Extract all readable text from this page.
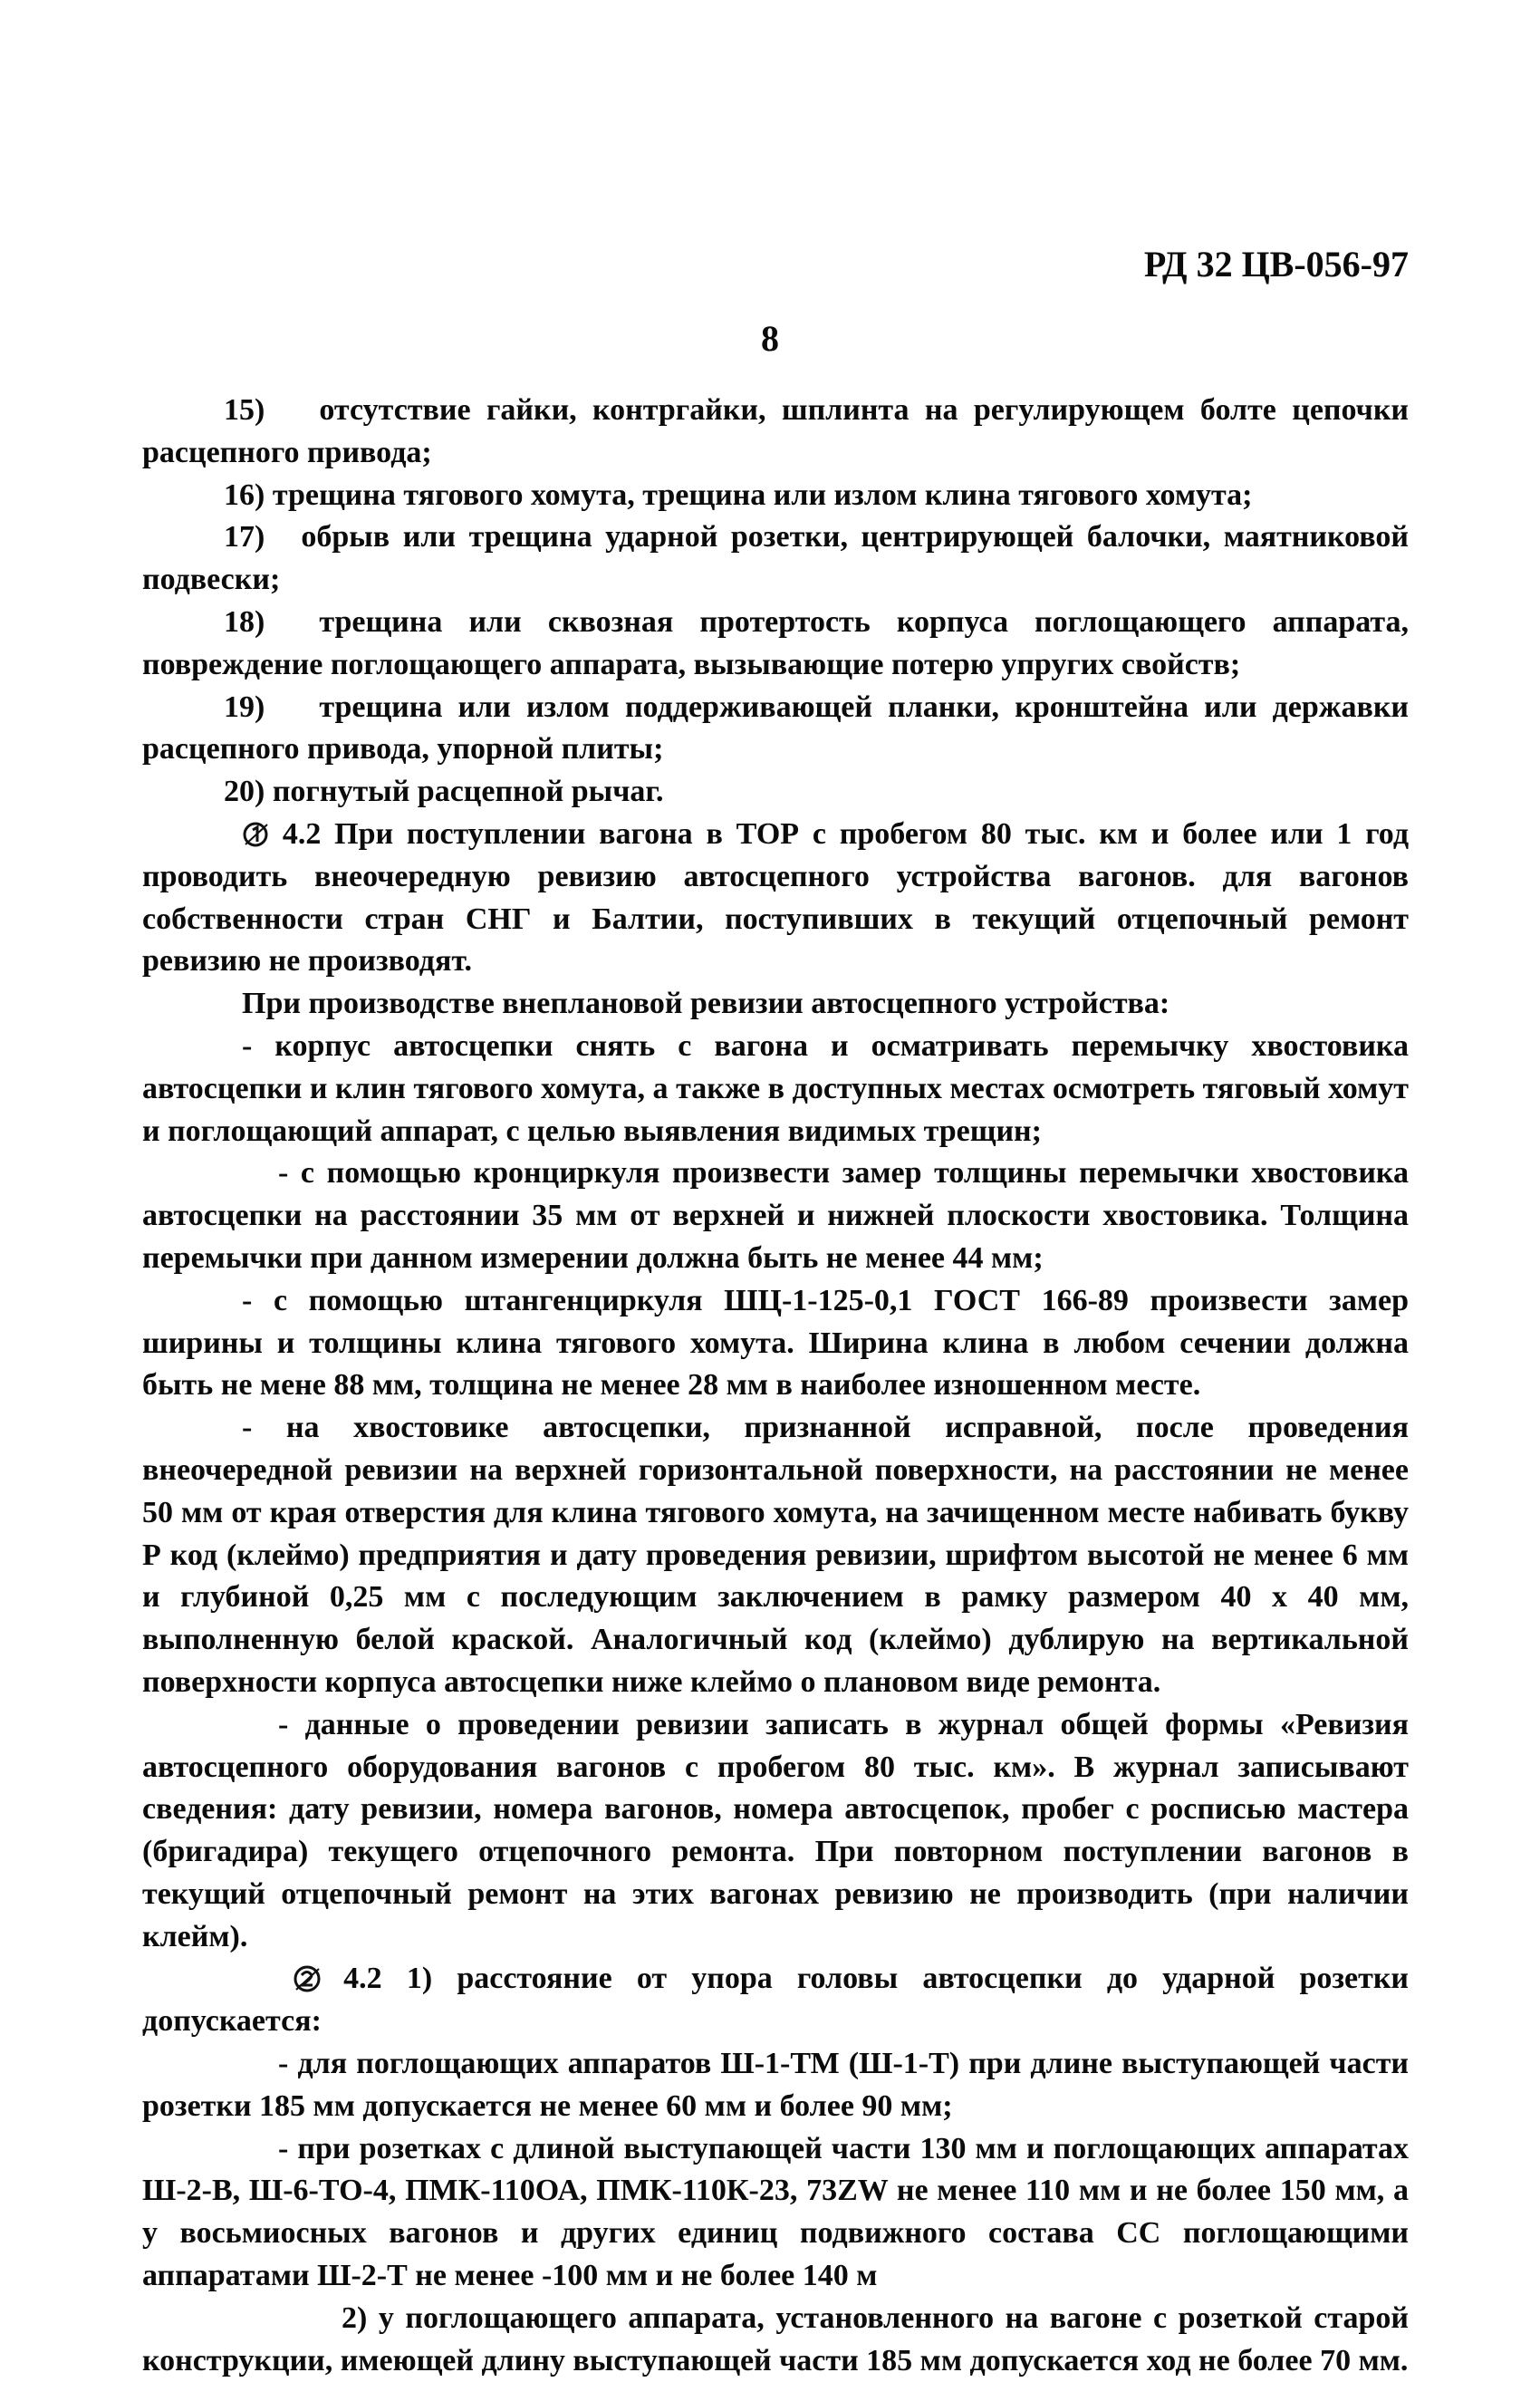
РД 32 ЦВ-056-97
8

15) отсутствие гайки, контргайки, шплинта на регулирующем болте цепочки расцепного привода;

16) трещина тягового хомута, трещина или излом клина тягового хомута;

17) обрыв или трещина ударной розетки, центрирующей балочки, маятниковой подвески;

18) трещина или сквозная протертость корпуса поглощающего аппарата, повреждение поглощающего аппарата, вызывающие потерю упругих свойств;

19) трещина или излом поддерживающей планки, кронштейна или державки расцепного привода, упорной плиты;

20) погнутый расцепной рычаг.

4.2 При поступлении вагона в ТОР с пробегом 80 тыс. км и более или 1 год проводить внеочередную ревизию автосцепного устройства вагонов. для вагонов собственности стран СНГ и Балтии, поступивших в текущий отцепочный ремонт ревизию не производят.

При производстве внеплановой ревизии автосцепного устройства:

- корпус автосцепки снять с вагона и осматривать перемычку хвостовика автосцепки и клин тягового хомута, а также в доступных местах осмотреть тяговый хомут и поглощающий аппарат, с целью выявления видимых трещин;

- с помощью кронциркуля произвести замер толщины перемычки хвостовика автосцепки на расстоянии 35 мм от верхней и нижней плоскости хвостовика. Толщина перемычки при данном измерении должна быть не менее 44 мм;

- с помощью штангенциркуля ШЦ-1-125-0,1 ГОСТ 166-89 произвести замер ширины и толщины клина тягового хомута. Ширина клина в любом сечении должна быть не мене 88 мм, толщина не менее 28 мм в наиболее изношенном месте.

- на хвостовике автосцепки, признанной исправной, после проведения внеочередной ревизии на верхней горизонтальной поверхности, на расстоянии не менее 50 мм от края отверстия для клина тягового хомута, на зачищенном месте набивать букву Р код (клеймо) предприятия и дату проведения ревизии, шрифтом высотой не менее 6 мм и глубиной 0,25 мм с последующим заключением в рамку размером 40 х 40 мм, выполненную белой краской. Аналогичный код (клеймо) дублирую на вертикальной поверхности корпуса автосцепки ниже клеймо о плановом виде ремонта.

- данные о проведении ревизии записать в журнал общей формы «Ревизия автосцепного оборудования вагонов с пробегом 80 тыс. км». В журнал записывают сведения: дату ревизии, номера вагонов, номера автосцепок, пробег с росписью мастера (бригадира) текущего отцепочного ремонта. При повторном поступлении вагонов в текущий отцепочный ремонт на этих вагонах ревизию не производить (при наличии клейм).

4.2 1) расстояние от упора головы автосцепки до ударной розетки допускается:

- для поглощающих аппаратов Ш-1-ТМ (Ш-1-Т) при длине выступающей части розетки 185 мм допускается не менее 60 мм и более 90 мм;

- при розетках с длиной выступающей части 130 мм и поглощающих аппаратах Ш-2-В, Ш-6-ТО-4, ПМК-110ОА, ПМК-110К-23, 73ZW не менее 110 мм и не более 150 мм, а у восьмиосных вагонов и других единиц подвижного состава СС поглощающими аппаратами Ш-2-Т не менее -100 мм и не более 140 м

2) у поглощающего аппарата, установленного на вагоне с розеткой старой конструкции, имеющей длину выступающей части 185 мм допускается ход не более 70 мм.
